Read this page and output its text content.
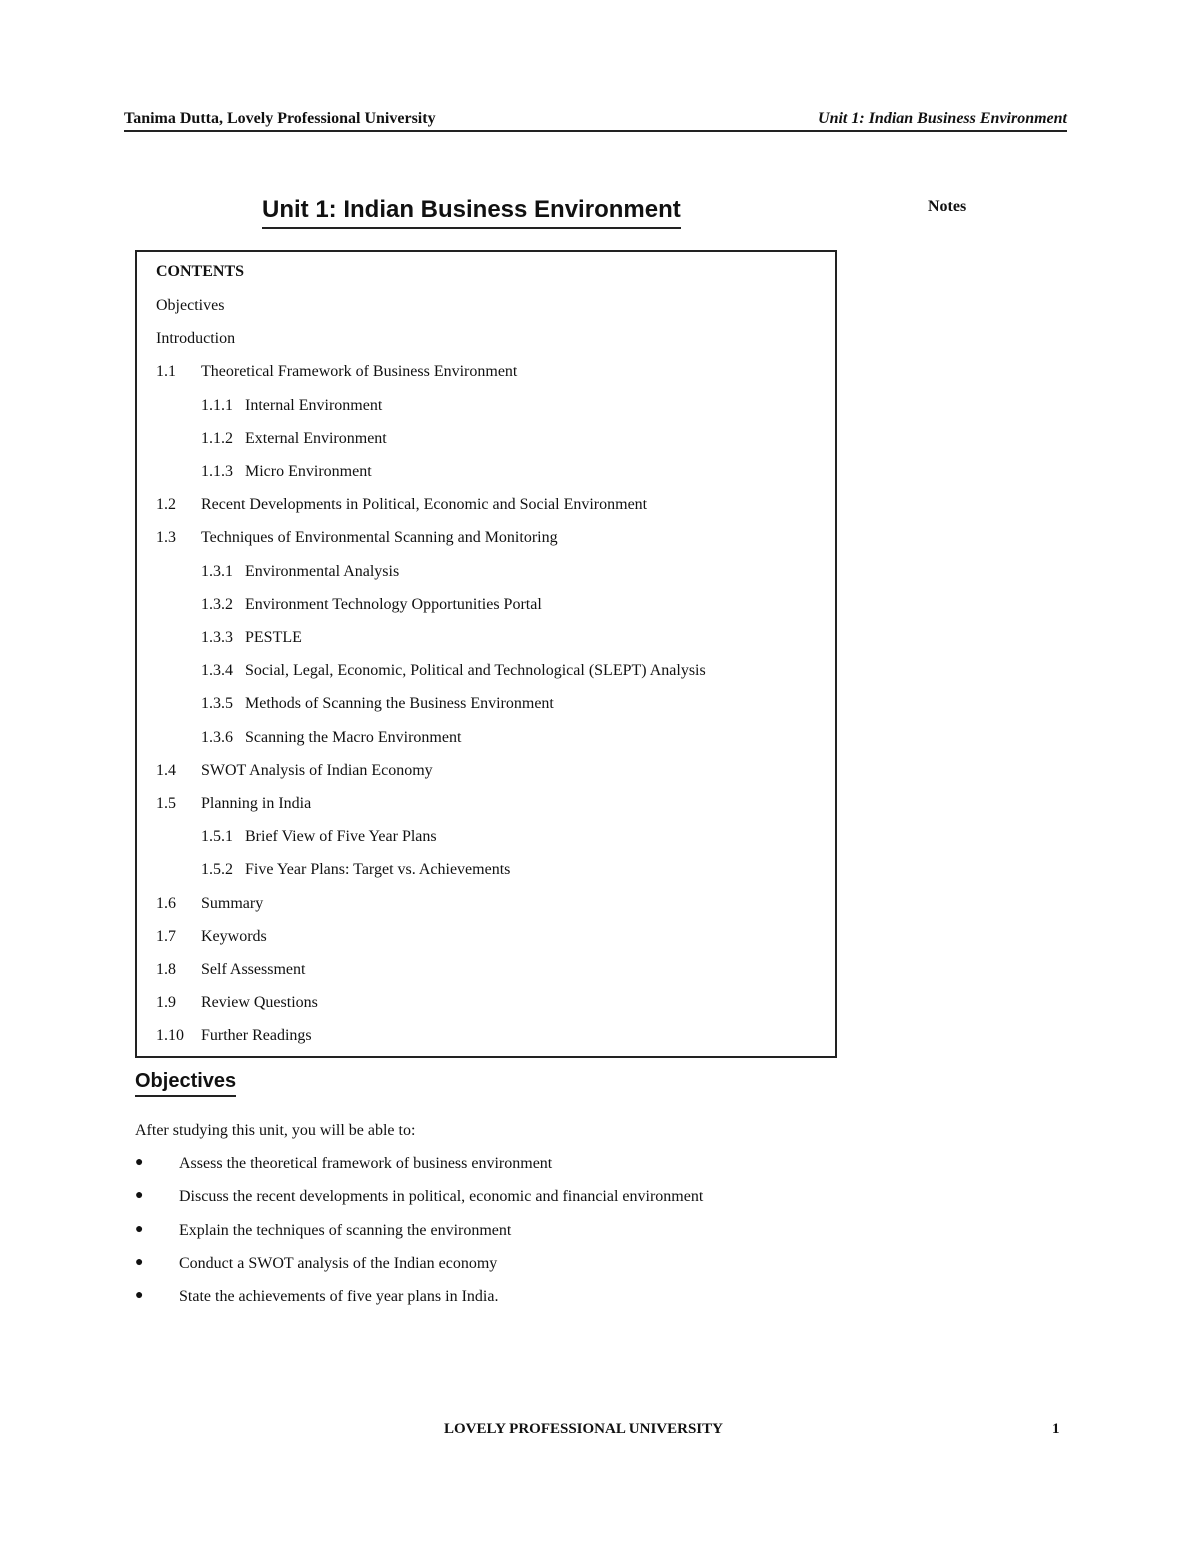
Tanima Dutta, Lovely Professional University	Unit 1: Indian Business Environment
Unit 1: Indian Business Environment	Notes
CONTENTS
Objectives
Introduction
1.1 Theoretical Framework of Business Environment
1.1.1 Internal Environment
1.1.2 External Environment
1.1.3 Micro Environment
1.2 Recent Developments in Political, Economic and Social Environment
1.3 Techniques of Environmental Scanning and Monitoring
1.3.1 Environmental Analysis
1.3.2 Environment Technology Opportunities Portal
1.3.3 PESTLE
1.3.4 Social, Legal, Economic, Political and Technological (SLEPT) Analysis
1.3.5 Methods of Scanning the Business Environment
1.3.6 Scanning the Macro Environment
1.4 SWOT Analysis of Indian Economy
1.5 Planning in India
1.5.1 Brief View of Five Year Plans
1.5.2 Five Year Plans: Target vs. Achievements
1.6 Summary
1.7 Keywords
1.8 Self Assessment
1.9 Review Questions
1.10 Further Readings
Objectives
After studying this unit, you will be able to:
● Assess the theoretical framework of business environment
● Discuss the recent developments in political, economic and financial environment
● Explain the techniques of scanning the environment
● Conduct a SWOT analysis of the Indian economy
● State the achievements of five year plans in India.
LOVELY PROFESSIONAL UNIVERSITY	1
